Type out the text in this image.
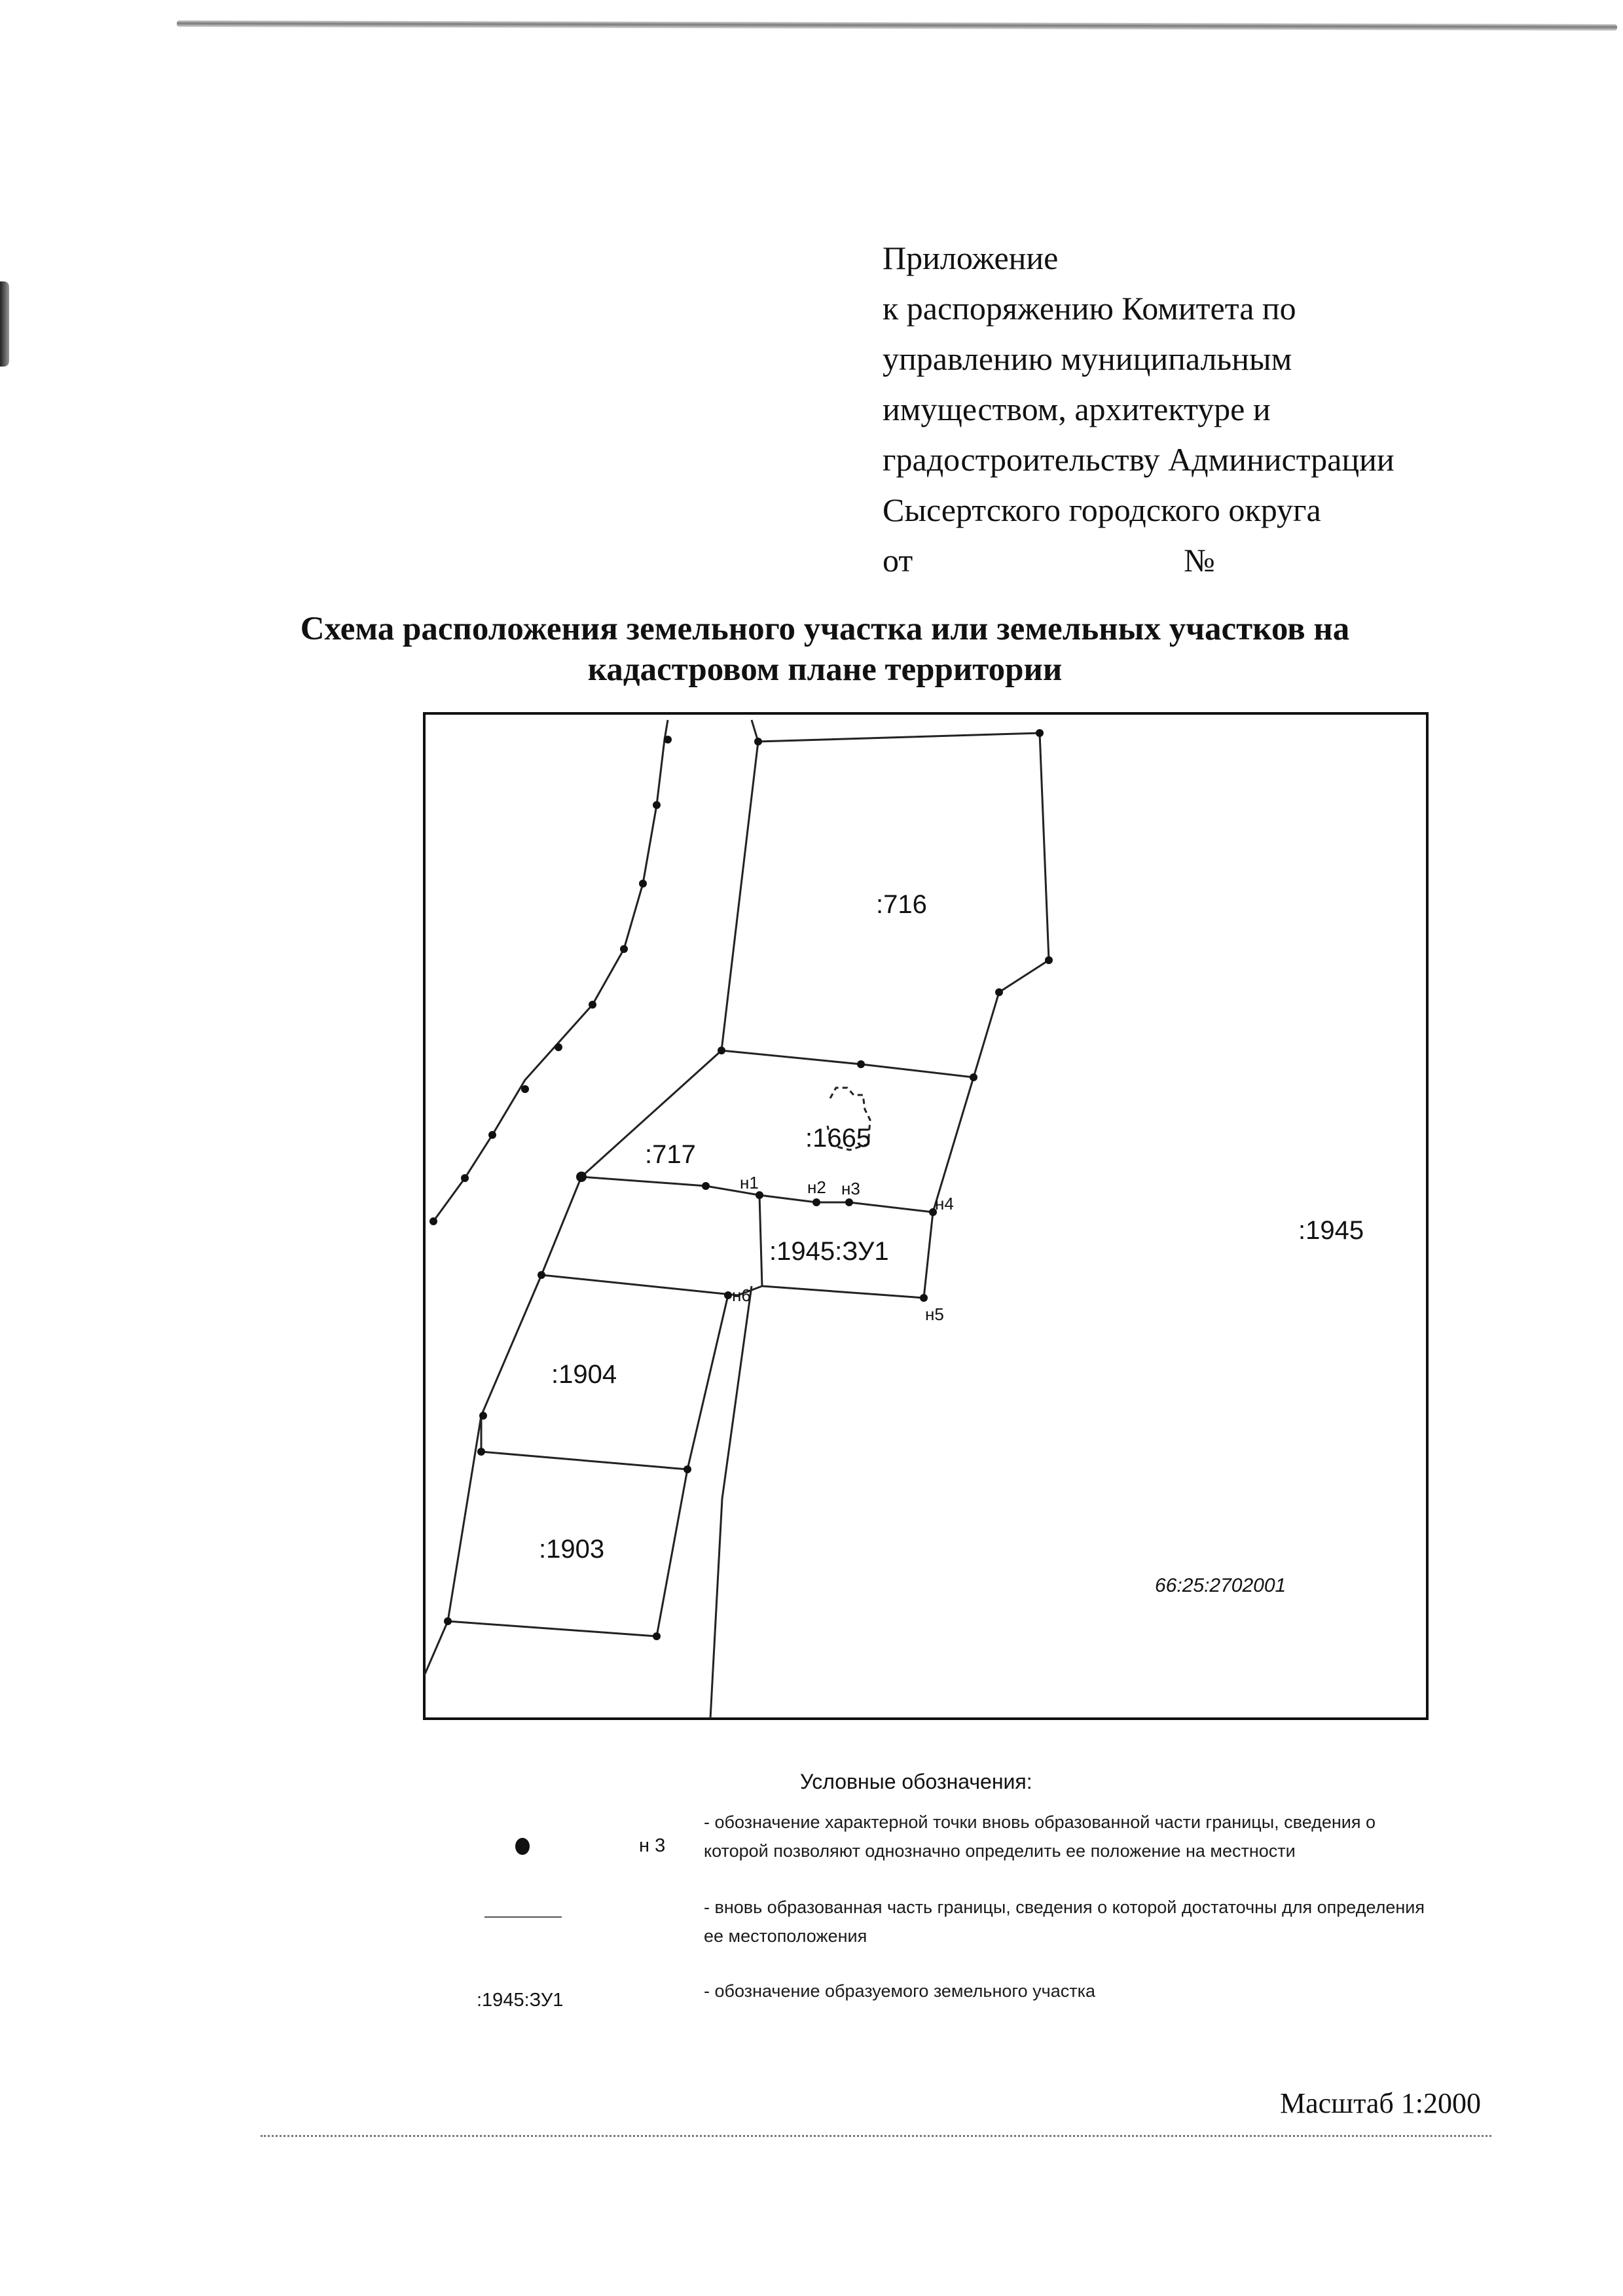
Приложение
к распоряжению Комитета по
управлению муниципальным
имуществом, архитектуре и
градостроительству Администрации
Сысертского городского округа
от	№
Схема расположения земельного участка или земельных участков на
кадастровом плане территории
:716
:1665
:717
:1945:ЗУ1
:1945
:1904
:1903
н1	н2 н3
н4
н5
н6
66:25:2702001
Условные обозначения:
н 3
- обозначение характерной точки вновь образованной части границы, сведения о которой позволяют однозначно определить ее положение на местности
- вновь образованная часть границы, сведения о которой достаточны для определения ее местоположения
:1945:ЗУ1	- обозначение образуемого земельного участка
Масштаб 1:2000
